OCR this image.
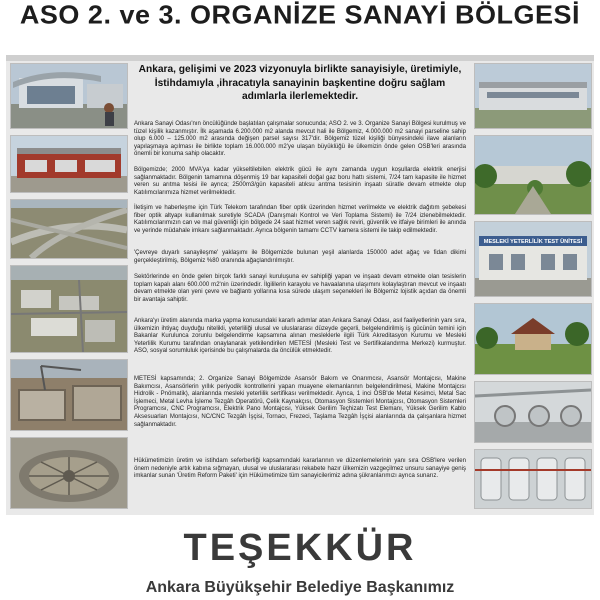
ASO 2. ve 3. ORGANİZE SANAYİ BÖLGESİ
Ankara, gelişimi ve 2023 vizyonuyla birlikte sanayisiyle, üretimiyle, İstihdamıyla ,ihracatıyla sanayinin başkentine doğru sağlam adımlarla ilerlemektedir.

Ankara Sanayi Odası'nın öncülüğünde başlatılan çalışmalar sonucunda; ASO 2. ve 3. Organize Sanayi Bölgesi kurulmuş ve tüzel kişilik kazanmıştır. İlk aşamada 6.200.000 m2 alanda mevcut hali ile Bölgemiz, 4.000.000 m2 sanayi parseline sahip olup 6.000 – 125.000 m2 arasında değişen parsel sayısı 317'dir. Bölgemiz tüzel kişiliği bünyesindeki ilave alanların yapılaşmaya açılması ile birlikte toplam 16.000.000 m2'ye ulaşan büyüklüğü ile ülkemizin önde gelen OSB'leri arasında önemli bir konuma sahip olacaktır.

Bölgemizde; 2000 MVA'ya kadar yükseltilebilen elektrik gücü ile aynı zamanda uygun koşullarda elektrik enerjisi sağlanmaktadır. Bölgenin tamamına döşenmiş 19 bar kapasiteli doğal gaz boru hattı sistemi, 7/24 tam kapasite ile hizmet veren su arıtma tesisi ile ayrıca; 2500m3/gün kapasiteli atıksu arıtma tesisinin inşaatı süratle devam etmekte olup Katılımcılarımıza hizmet verilmektedir.

İletişim ve haberleşme için Türk Telekom tarafından fiber optik üzerinden hizmet verilmekte ve elektrik dağıtım şebekesi fiber optik altyapı kullanılmak suretiyle SCADA (Danışmalı Kontrol ve Veri Toplama Sistemi) ile 7/24 izlenebilmektedir. Katılımcılarımızın can ve mal güvenliği için bölgede 24 saat hizmet veren sağlık reviri, güvenlik ve itfaiye birimleri ile anında ve yerinde müdahale imkanı sağlanmaktadır. Ayrıca bölgenin tamamı CCTV kamera sistemi ile takip edilmektedir.

'Çevreye duyarlı sanayileşme' yaklaşımı ile Bölgemizde bulunan yeşil alanlarda 150000 adet ağaç ve fidan dikimi gerçekleştirilmiş, Bölgemiz %80 oranında ağaçlandırılmıştır.

Sektörlerinde en önde gelen birçok farklı sanayi kuruluşuna ev sahipliği yapan ve inşaatı devam etmekte olan tesislerin toplam kapalı alanı 600.000 m2'nin üzerindedir. İlgililerin karayolu ve havaalanına ulaşımını kolaylaştıran mevcut ve inşaatı devam etmekte olan yeni çevre ve bağlantı yollarına kısa sürede ulaşım seçenekleri ile Bölgemiz lojistik açıdan da önemli bir avantaja sahiptir.

Ankara'yı üretim alanında marka yapma konusundaki kararlı adımlar atan Ankara Sanayi Odası, asıl faaliyetlerinin yanı sıra, ülkemizin ihtiyaç duyduğu nitelikli, yeterliliği ulusal ve uluslararası düzeyde geçerli, belgelendirilmiş iş gücünün temini için Bakanlar Kurulunca zorunlu belgelendirme kapsamına alınan mesleklerle ilgili Türk Akreditasyon Kurumu ve Mesleki Yeterlilik Kurumu tarafından onaylanarak yetkilendirilen METESİ (Mesleki Test ve Sertifikalandırma Merkezi) kurmuştur. ASO, sosyal sorumluluk içerisinde bu çalışmalarda da öncülük etmektedir.

METESİ kapsamında; 2. Organize Sanayi Bölgemizde Asansör Bakım ve Onarımcısı, Asansör Montajcısı, Makine Bakımcısı, Asansörlerin yıllık periyodik kontrollerini yapan muayene elemanlarının belgelendirilmesi, Makine Montajcısı Hidrolik - Pnömatik), alanlarında mesleki yeterlilik sertifikası verilmektedir. Ayrıca, 1 inci OSB'de Metal Kesimci, Metal Sac İşlemeci, Metal Levha İşleme Tezgâh Operatörü, Çelik Kaynakçısı, Otomasyon Sistemleri Montajcısı, Otomasyon Sistemleri Programcısı, CNC Programcısı, Elektrik Pano Montajcısı, Yüksek Gerilim Teçhizatı Test Elemanı, Yüksek Gerilim Kablo Aksesuarları Montajcısı, NC/CNC Tezgâh İşçisi, Tornacı, Frezeci, Taşlama Tezgâh İşçisi alanlarında da çalışanlara hizmet sağlanmaktadır.

Hükümetimizin üretim ve istihdam seferberliği kapsamındaki kararlarının ve düzenlemelerinin yanı sıra OSB'lere verilen önem nedeniyle artık kabına sığmayan, ulusal ve uluslararası rekabete hazır ülkemizin vazgeçilmez unsuru sanayiye geniş imkanlar sunan 'Üretim Reform Paketi' için Hükümetimize tüm sanayicilerimiz adına şükranlarımızı ayrıca sunarız.

MESLEKİ YETERLİLİK TEST ÜNİTESİ
TEŞEKKÜR
Ankara Büyükşehir Belediye Başkanımız
